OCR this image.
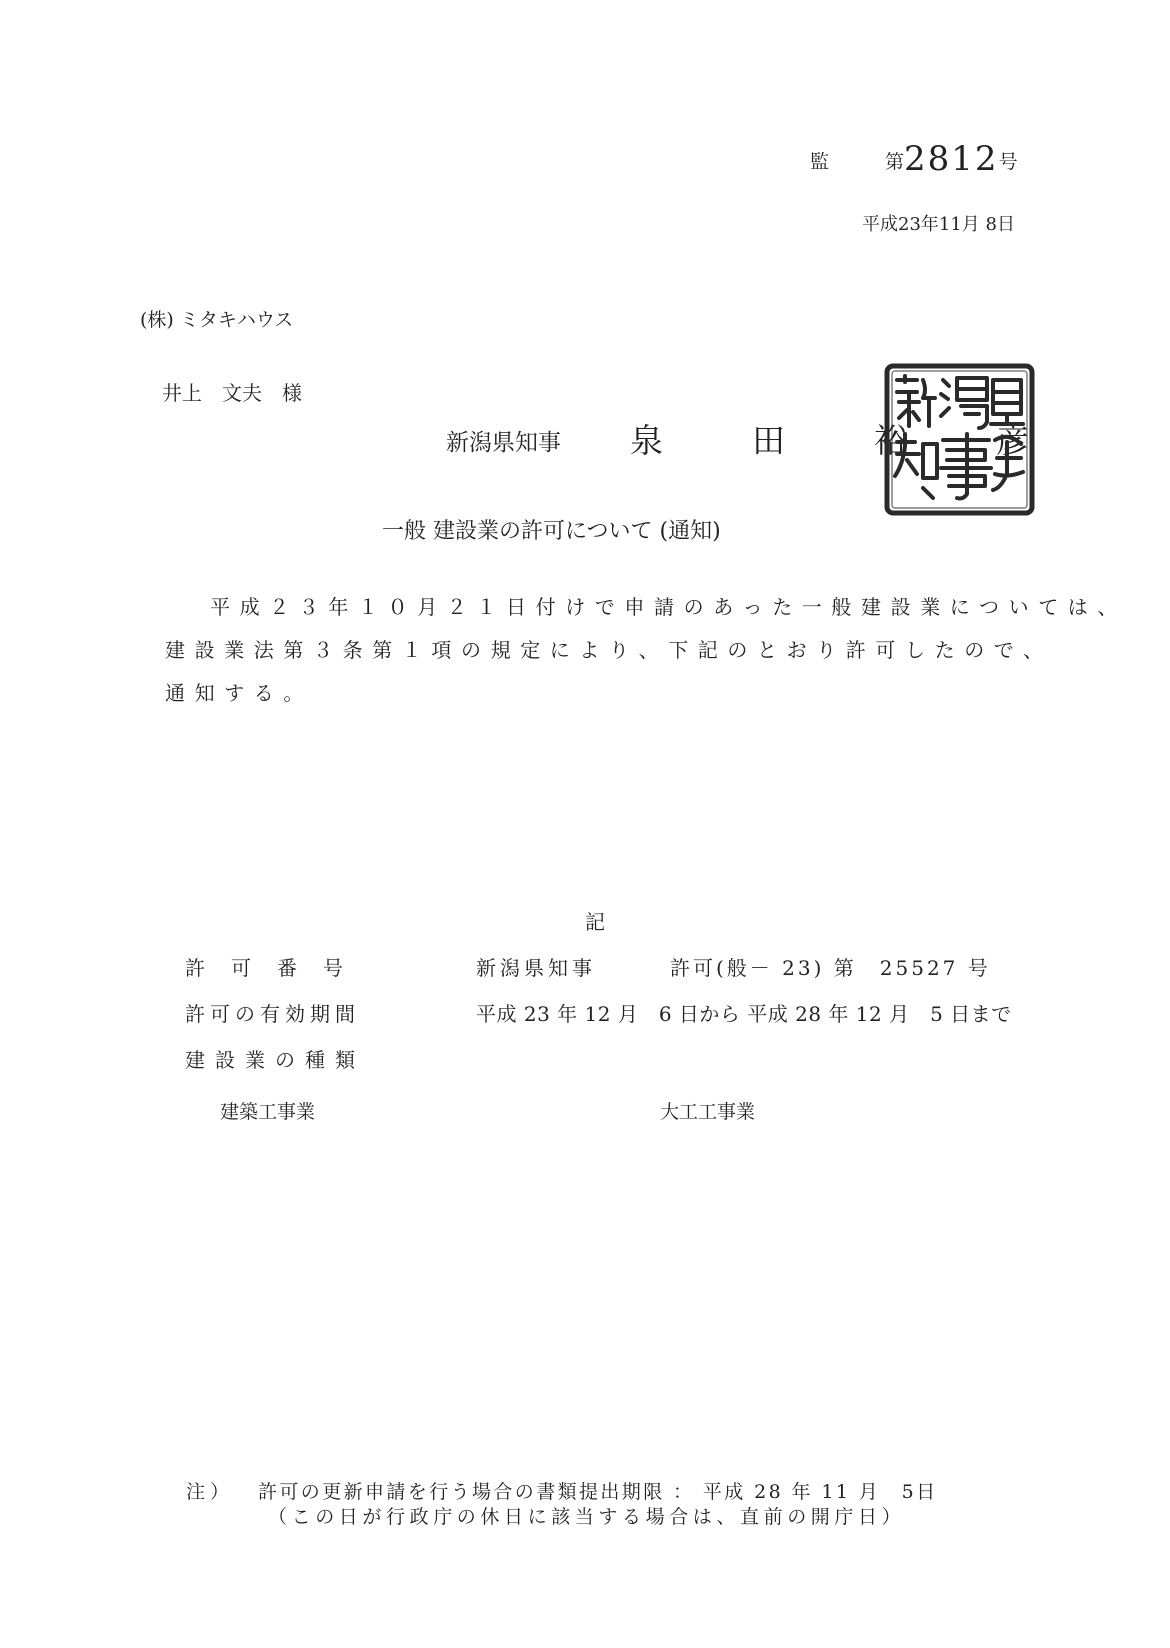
監	第2812号
平成23年11月 8日
(株) ミタキハウス
井上　文夫　様
新潟県知事 泉　田　裕　彦
一般 建設業の許可について (通知)
平成２３年１０月２１日付けで申請のあった一般建設業については、
建設業法第３条第１項の規定により、下記のとおり許可したので、
通知する。
記
許　可　番　号	新潟県知事	許可(般－ 23) 第　25527 号
許可の有効期間	平成 23 年 12 月　6 日から 平成 28 年 12 月　5 日まで
建設業の種類
建築工事業	大工工事業
注） 許可の更新申請を行う場合の書類提出期限 ： 平成 28 年 11 月　5日
（この日が行政庁の休日に該当する場合は、直前の開庁日）
